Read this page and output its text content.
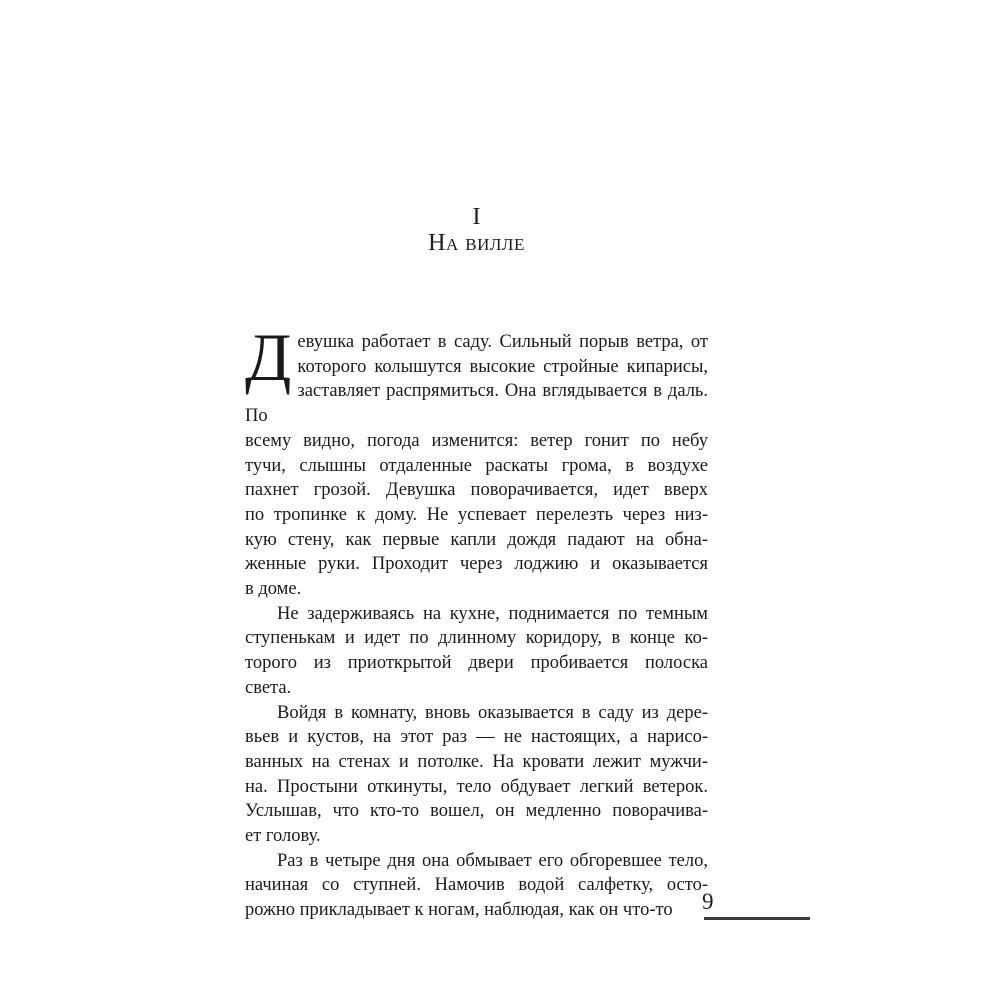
I
На вилле
Д евушка работает в саду. Сильный порыв ветра, от
которого колышутся высокие стройные кипарисы,
заставляет распрямиться. Она вглядывается в даль. По
всему видно, погода изменится: ветер гонит по небу
тучи, слышны отдаленные раскаты грома, в воздухе
пахнет грозой. Девушка поворачивается, идет вверх
по тропинке к дому. Не успевает перелезть через низ-
кую стену, как первые капли дождя падают на обна-
женные руки. Проходит через лоджию и оказывается
в доме.
Не задерживаясь на кухне, поднимается по темным
ступенькам и идет по длинному коридору, в конце ко-
торого из приоткрытой двери пробивается полоска
света.
Войдя в комнату, вновь оказывается в саду из дере-
вьев и кустов, на этот раз — не настоящих, а нарисо-
ванных на стенах и потолке. На кровати лежит мужчи-
на. Простыни откинуты, тело обдувает легкий ветерок.
Услышав, что кто-то вошел, он медленно поворачива-
ет голову.
Раз в четыре дня она обмывает его обгоревшее тело,
начиная со ступней. Намочив водой салфетку, осто-
рожно прикладывает к ногам, наблюдая, как он что-то	9
